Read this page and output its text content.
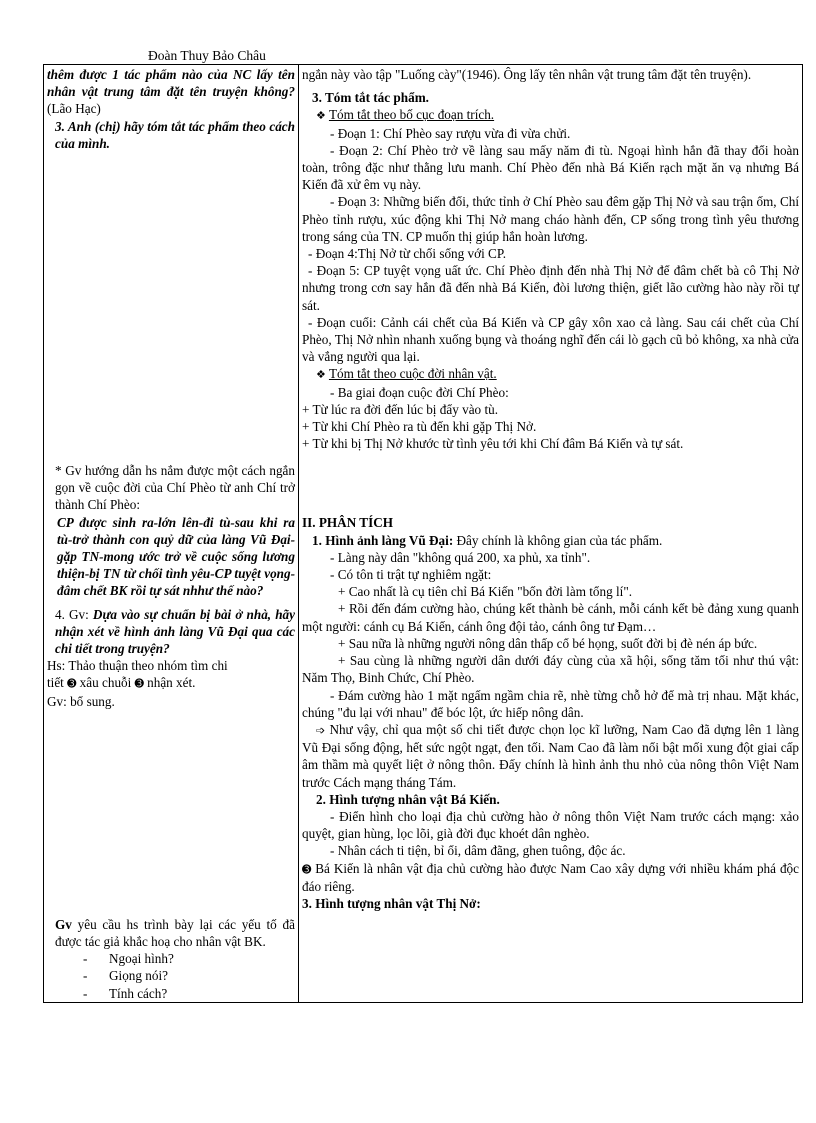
Đoàn Thuy Bảo Châu

thêm được 1 tác phẩm nào của NC lấy tên nhân vật trung tâm đặt tên truyện không?(Lão Hạc)

3. Anh (chị) hãy tóm tắt tác phẩm theo cách của mình.

* Gv hướng dẫn hs nắm được một cách ngắn gọn về cuộc đời của Chí Phèo từ anh Chí trở thành Chí Phèo:

CP được sinh ra-lớn lên-đi tù-sau khi ra tù-trở thành con quỷ dữ của làng Vũ Đại-gặp TN-mong ước trở về cuộc sống lương thiện-bị TN từ chối tình yêu-CP tuyệt vọng-đâm chết BK rồi tự sát nhhư thế nào?

4. Gv: Dựa vào sự chuẩn bị bài ở nhà, hãy nhận xét về hình ảnh làng Vũ Đại qua các chi tiết trong truyện?

Hs: Thảo thuận theo nhóm tìm chi

tiết ➌ xâu chuỗi ➌ nhận xét.

Gv: bổ sung.

Gv yêu cầu hs trình bày lại các yếu tố đã được tác giả khắc hoạ cho nhân vật BK.

- Ngoại hình?

- Giọng nói?

- Tính cách?

ngắn này vào tập "Luống cày"(1946). Ông lấy tên nhân vật trung tâm đặt tên truyện).

3. Tóm tắt tác phẩm.

❖ Tóm tắt theo bố cục đoạn trích.

- Đoạn 1: Chí Phèo say rượu vừa đi vừa chửi.

- Đoạn 2: Chí Phèo trở về làng sau mấy năm đi tù. Ngoại hình hắn đã thay đổi hoàn toàn, trông đặc như thằng lưu manh. Chí Phèo đến nhà Bá Kiến rạch mặt ăn vạ nhưng Bá Kiến đã xử êm vụ này.

- Đoạn 3: Những biến đổi, thức tỉnh ở Chí Phèo sau đêm gặp Thị Nở và sau trận ốm, Chí Phèo tỉnh rượu, xúc động khi Thị Nở mang cháo hành đến, CP sống trong tình yêu thương trong sáng của TN. CP muốn thị giúp hắn hoàn lương.

- Đoạn 4:Thị Nở từ chối sống với CP.

- Đoạn 5: CP tuyệt vọng uất ức. Chí Phèo định đến nhà Thị Nở để đâm chết bà cô Thị Nở nhưng trong cơn say hắn đã đến nhà Bá Kiến, đòi lương thiện, giết lão cường hào này rồi tự sát.

- Đoạn cuối: Cảnh cái chết của Bá Kiến và CP gây xôn xao cả làng. Sau cái chết của Chí Phèo, Thị Nở nhìn nhanh xuống bụng và thoáng nghĩ đến cái lò gạch cũ bỏ không, xa nhà cửa và vắng người qua lại.

❖ Tóm tắt theo cuộc đời nhân vật.

- Ba giai đoạn cuộc đời Chí Phèo:

+ Từ lúc ra đời đến lúc bị đẩy vào tù.

+ Từ khi Chí Phèo ra tù đến khi gặp Thị Nở.

+ Từ khi bị Thị Nở khước từ tình yêu tới khi Chí đâm Bá Kiến và tự sát.

II. PHÂN TÍCH

1. Hình ảnh làng Vũ Đại: Đây chính là không gian của tác phẩm.

- Làng này dân "không quá 200, xa phủ, xa tỉnh".

- Có tôn ti trật tự nghiêm ngặt:

+ Cao nhất là cụ tiên chỉ Bá Kiến "bốn đời làm tổng lí".

+ Rồi đến đám cường hào, chúng kết thành bè cánh, mỗi cánh kết bè đảng xung quanh một người: cánh cụ Bá Kiến, cánh ông đội tảo, cánh ông tư Đạm…

+ Sau nữa là những người nông dân thấp cổ bé họng, suốt đời bị đè nén áp bức.

+ Sau cùng là những người dân dưới đáy cùng của xã hội, sống tăm tối như thú vật: Năm Thọ, Binh Chức, Chí Phèo.

- Đám cường hào 1 mặt ngấm ngầm chia rẽ, nhè từng chỗ hở để mà trị nhau. Mặt khác, chúng "đu lại với nhau" để bóc lột, ức hiếp nông dân.

➩ Như vậy, chỉ qua một số chi tiết được chọn lọc kĩ lưỡng, Nam Cao đã dựng lên 1 làng Vũ Đại sống động, hết sức ngột ngạt, đen tối. Nam Cao đã làm nổi bật mối xung đột giai cấp âm thầm mà quyết liệt ở nông thôn. Đấy chính là hình ảnh thu nhỏ của nông thôn Việt Nam trước Cách mạng tháng Tám.

2. Hình tượng nhân vật Bá Kiến.

- Điển hình cho loại địa chủ cường hào ở nông thôn Việt Nam trước cách mạng: xảo quyệt, gian hùng, lọc lõi, già đời đục khoét dân nghèo.

- Nhân cách ti tiện, bỉ ổi, dâm đãng, ghen tuông, độc ác.

➌ Bá Kiến là nhân vật địa chủ cường hào được Nam Cao xây dựng với nhiều khám phá độc đáo riêng.

3. Hình tượng nhân vật Thị Nở:
